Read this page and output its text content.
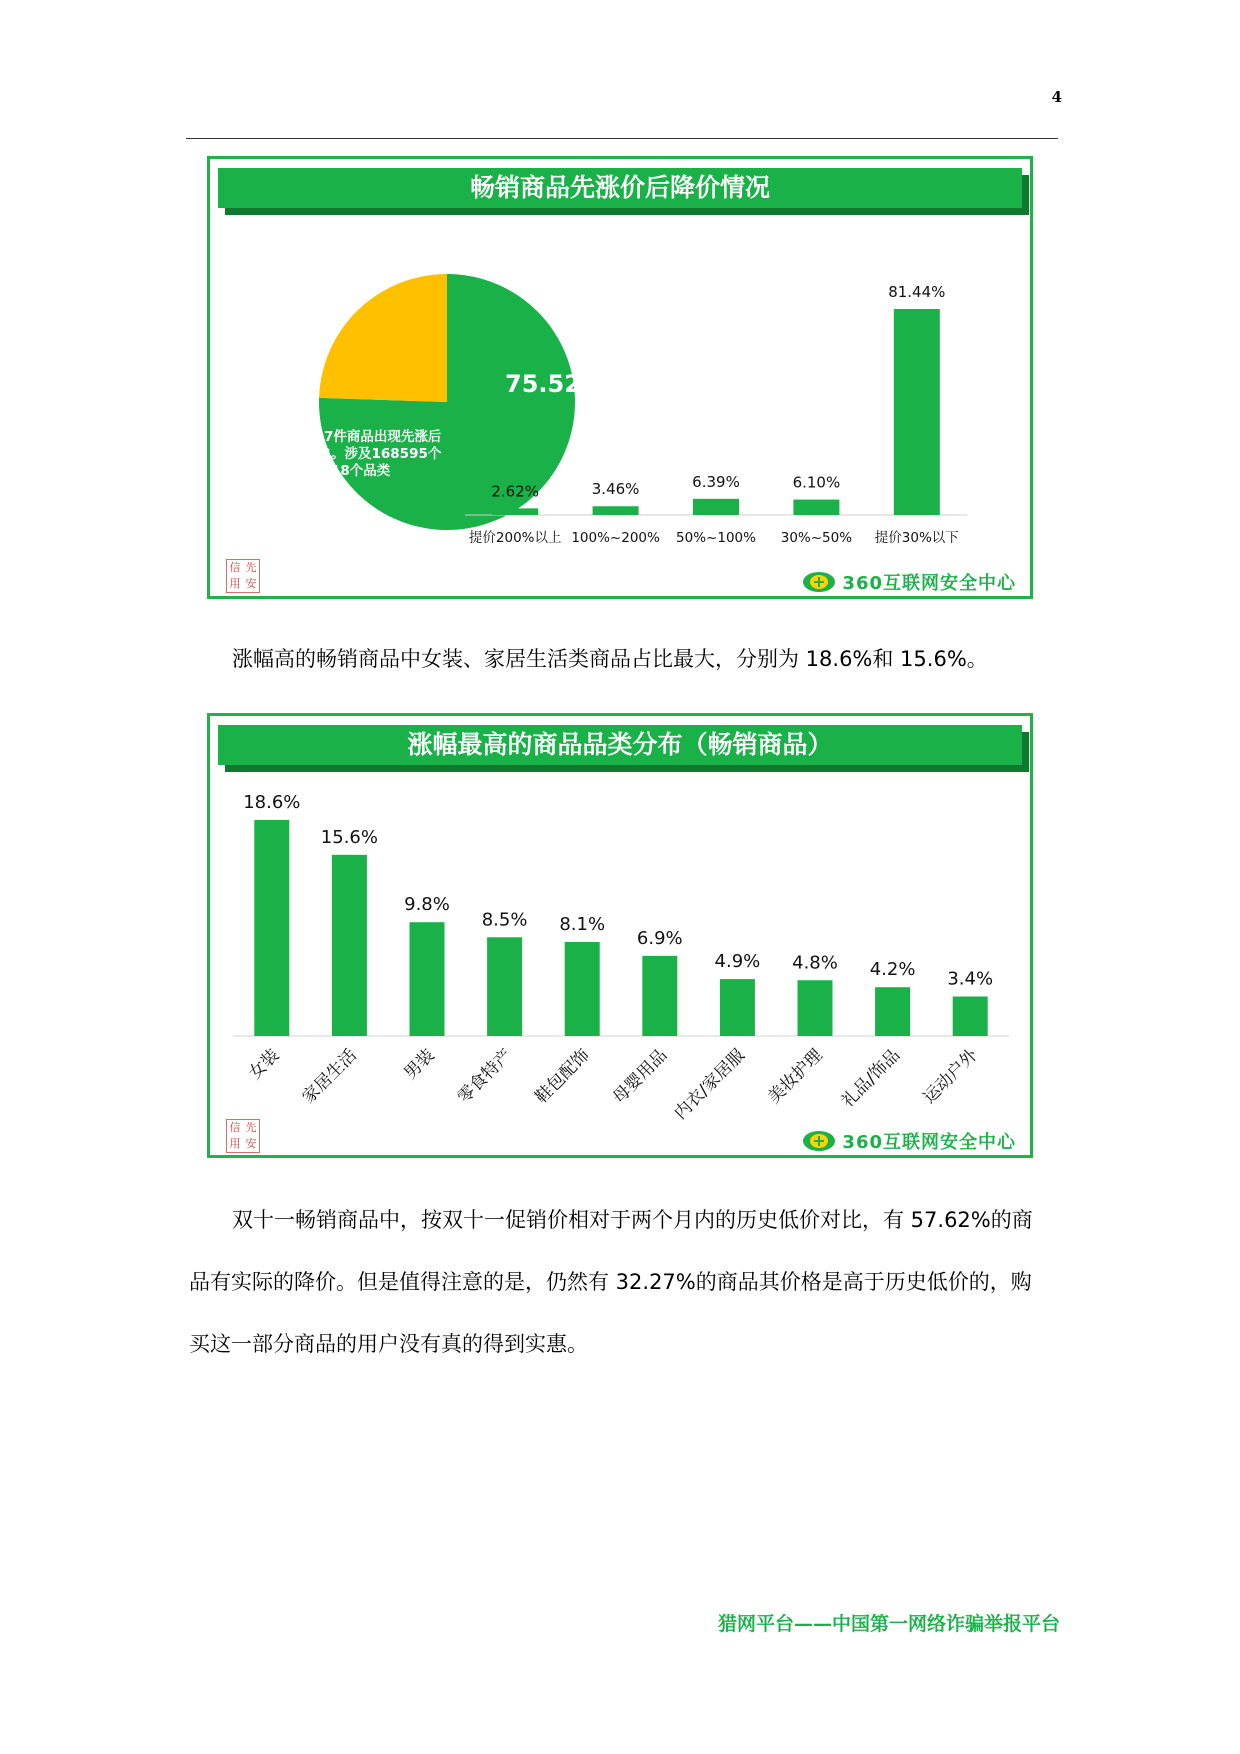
4
畅销商品先涨价后降价情况
75.52%
681907件商品出现先涨后
降的现象。涉及168595个
商铺包含18个品类
2.62%
提价200%以上
3.46%
100%~200%
6.39%
50%~100%
6.10%
30%~50%
81.44%
提价30%以下
信 先
用 安	360互联网安全中心
涨幅高的畅销商品中女装、家居生活类商品占比最大，分别为 18.6%和 15.6%。
涨幅最高的商品品类分布（畅销商品）
18.6%
女装
15.6%
家居生活
9.8%
男装
8.5%
零食特产
8.1%
鞋包配饰
6.9%
母婴用品
4.9%
内衣/家居服
4.8%
美妆护理
4.2%
礼品/饰品
3.4%
运动户外
信 先
用 安	360互联网安全中心
双十一畅销商品中，按双十一促销价相对于两个月内的历史低价对比，有 57.62%的商
品有实际的降价。但是值得注意的是，仍然有 32.27%的商品其价格是高于历史低价的，购
买这一部分商品的用户没有真的得到实惠。
猎网平台——中国第一网络诈骗举报平台
